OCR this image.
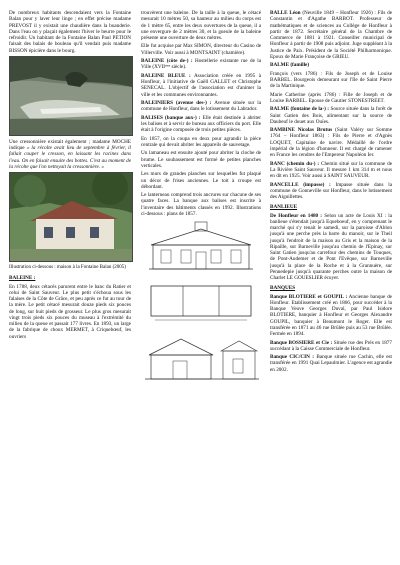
De nombreux habitants descendaient vers la Fontaine Balan pour y laver leur linge ; en effet précise madame PREVOST il y existait une chaudière dans la buanderie. Dans l'eau on y plaçait également l'hiver le beurre pour le refroidir. Un habitant de la Fontaine Balan Paul PETION faisait des balais de bouleau qu'il vendait puis madame BISSON épicière dans le bourg.

Une cressonnière existait également ; madame MOCHE indique « la récolte avait lieu de septembre à février, il fallait couper le cresson, en laissant les racines dans l'eau. On en faisait ensuite des bottes. C'est au moment de la récolte que l'on nettoyait la cressonnière. »

Illustration ci-dessous : maison à la Fontaine Balan (2005)

BALEINE :

En 1788, deux cétacés parurent entre le banc du Ratier et celui de Saint Sauveur. Le plus petit s'échoua sous les falaises de la Côte de Grâce, et peu après ce fut au tour de la mère. Le petit cétacé mesurait douze pieds six pouces de long, sur huit pieds de grosseur. Le plus gros mesurait vingt trois pieds six pouces du museau à l'extrémité du milieu de la queue et passait 177 livres. En 1893, un large de la fabrique de choux MERMET, à Criquebœuf, les ouvriers

trouvèrent une baleine. De la taille à la queue, le cétacé mesurait 10 mètres 50, sa hauteur au milieu du corps est de 1 mètre 65, entre les deux ouvertures de la queue, il a une envergure de 2 mètres 30, et la gueule de la baleine présente une ouverture de deux mètres.

Elle fut acquise par Max SIMON, directeur du Casino de Villerville. Voir aussi à MONTSAINT (chamière).

BALEINE (côte de-) : Hostellerie existante rue de la Ville (XVIIᵉᵐᵉ siècle).

BALEINE BLEUE : Association créée en 1995 à Honfleur, à l'initiative de Gaëll GALLET et Christophe SENECAL. L'objectif de l'association est d'animer la ville et les communes environnantes.

BALEINIERS (avenue des-) : Avenue située sur la commune de Honfleur, dans le lotissement du Labrador.

BALISES (banque aux-) : Elle était destinée à abriter les balises et à servir de bureau aux officiers du port. Elle était à l'origine composée de trois petites pièces.

En 1857, on la coupa en deux pour agrandir la pièce centrale qui devait abriter les appareils de sauvetage.

Un lamaneau est ensuite ajouté pour abriter la cloche de brume. Le soubassement est formé de petites planches verticales.

Les murs de grandes planches sur lesquelles fut plaqué un décor de frises anciennes. Le toit à croupe est débordant.

Le lanterneau comprend trois ancrures sur chacune de ses quatre faces. La banque aux balises est inscrite à l'inventaire des bâtiments classés en 1992. Illustrations ci-dessous : plans de 1857.

BALLE Léon (Neuville 1849 – Honfleur 1926) : Fils de Constantin et d'Agathe BARBOT. Professeur de mathématiques et de sciences au Collège de Honfleur à partir de 1872. Secrétaire général de la Chambre de Commerce de 1881 à 1921. Conseiller municipal de Honfleur à partir de 1908 puis adjoint. Juge suppléant à la Justice de Paix. Président de la Société Philharmonique. Epoux de Marie Françoise de GRIEU.

BALME (famille)

François (vers 1786) : Fils de Joseph et de Louise BARBEL. Bourgeois demeurant sur l'Ile de Saint Pierre de la Martinique.

Marie Catherine (après 1786) : Fille de Joseph et de Louise BARBEL. Epouse de Gautier STONESTREET.

BALME (fontaine de la-) : Source située dans la forêt de Saint Gatien des Bois, alimentant sur la source de Daubeuf le douet aux Ouïes.

BAMBINE Nicolas Brutus (Saint Valéry sur Somme 1764 – Honfleur 1863) : Fils de Pierre et d'Agnès LOQUET, Capitaine de navire. Médaillé de l'ordre impérial de la légion d'honneur. Il est chargé de ramener en France les cendres de l'Empereur Napoléon Ier.

BANC (chemin du-) : Chemin situé sur la commune de La Rivière Saint Sauveur. Il mesure 1 km 314 m et nous en dit en 1925. Voir aussi à SAINT SAUVEUR.

BANCELLE (impasse) : Impasse située dans la commune de Gonneville sur Honfleur, dans le lotissement des Aiguillettes.

BANLIEUE

De Honfleur en 1480 : Selon un acte de Louis XI : la banlieue s'étendait jusqu'à Equeboeuf, en y comprenant le marché qui s'y tenait le samedi, sur la paroisse d'Ablon jusqu'à une perche près la barre du manoir, sur le Theil jusqu'à l'endroit de la maison au Gris et la maison de la Ripaille, sur Barneville jusqu'au chemin de l'Epinay, sur Saint Gatien jusqu'au carrefour des chemins de Touques, de Pont-Audemer et de Pont l'Evêque, sur Barneville jusqu'à la place de la Roche et à la Grannuère, sur Pennedepie jusqu'à quarante perches outre la maison de Charlet LE GOUESLIER écuyer.

BANQUES

Banque BLOTIERE et GOUPIL : Ancienne banque de Honfleur. Etablissement créé en 1866, pour succéder à la Banque Veuve Georges Duval, par Paul Isidore BLOTIERE, banquier à Honfleur et Georges Alexandre GOUPIL, banquier à Beaumont le Roger. Elle est transférée en 1871 au 46 rue Brûlée puis au 53 rue Brûlée. Fermée en 1894.

Banque BOSSIERE et Cie : Située rue des Prés en 1877 succédant à la Caisse Commerciale de Honfleur.

Banque CIC/CIN : Banque située rue Cachin, elle est transférée en 1991 Quai Lepaulmier. L'agence est agrandie en 2002.
